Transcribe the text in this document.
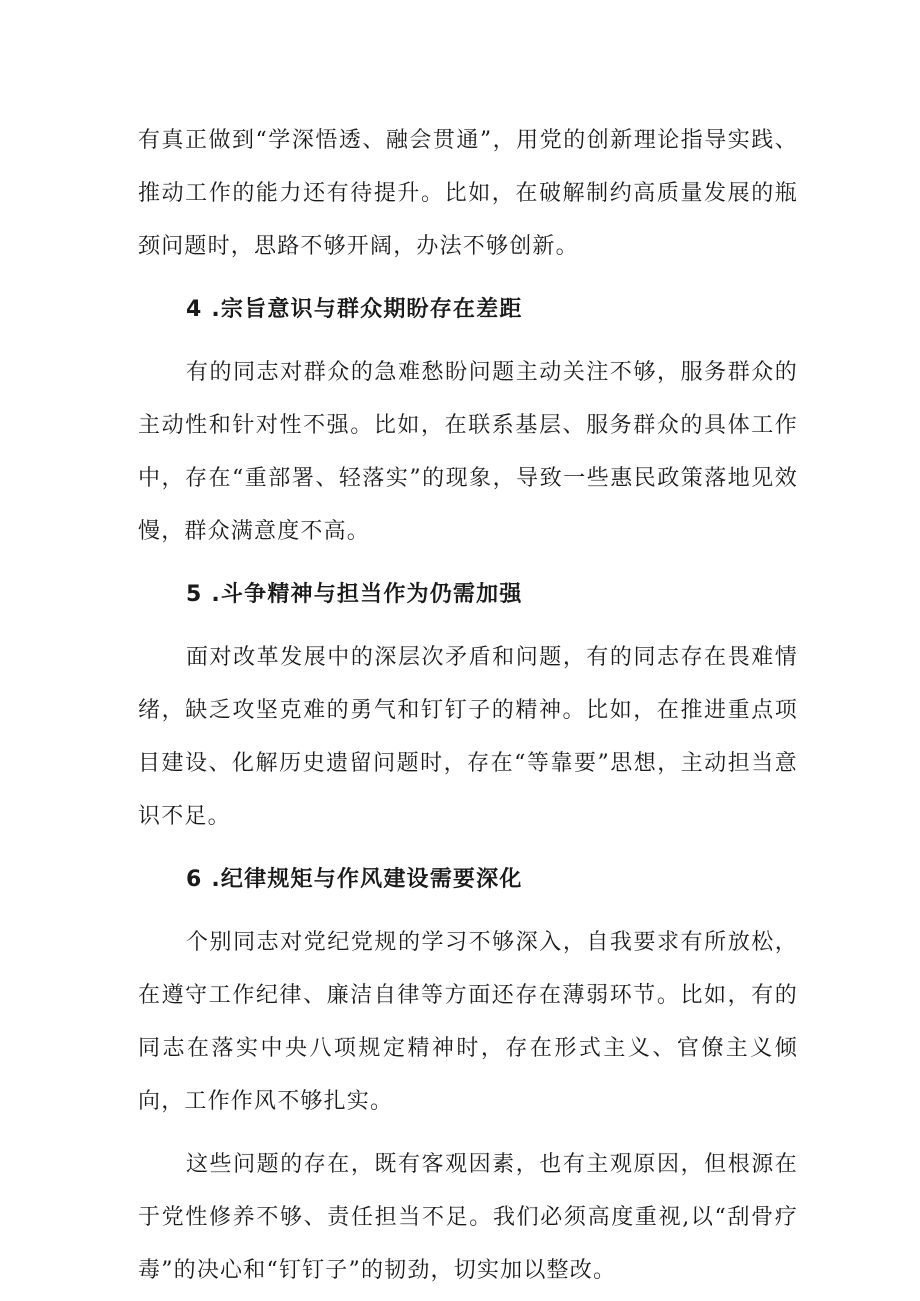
有真正做到“学深悟透、融会贯通”，用党的创新理论指导实践、推动工作的能力还有待提升。比如，在破解制约高质量发展的瓶颈问题时，思路不够开阔，办法不够创新。

4 .宗旨意识与群众期盼存在差距

有的同志对群众的急难愁盼问题主动关注不够，服务群众的主动性和针对性不强。比如，在联系基层、服务群众的具体工作中，存在“重部署、轻落实”的现象，导致一些惠民政策落地见效慢，群众满意度不高。

5 .斗争精神与担当作为仍需加强

面对改革发展中的深层次矛盾和问题，有的同志存在畏难情绪，缺乏攻坚克难的勇气和钉钉子的精神。比如，在推进重点项目建设、化解历史遗留问题时，存在“等靠要”思想，主动担当意识不足。

6 .纪律规矩与作风建设需要深化

个别同志对党纪党规的学习不够深入，自我要求有所放松，在遵守工作纪律、廉洁自律等方面还存在薄弱环节。比如，有的同志在落实中央八项规定精神时，存在形式主义、官僚主义倾向，工作作风不够扎实。

这些问题的存在，既有客观因素，也有主观原因，但根源在于党性修养不够、责任担当不足。我们必须高度重视,以“刮骨疗毒”的决心和“钉钉子”的韧劲，切实加以整改。
